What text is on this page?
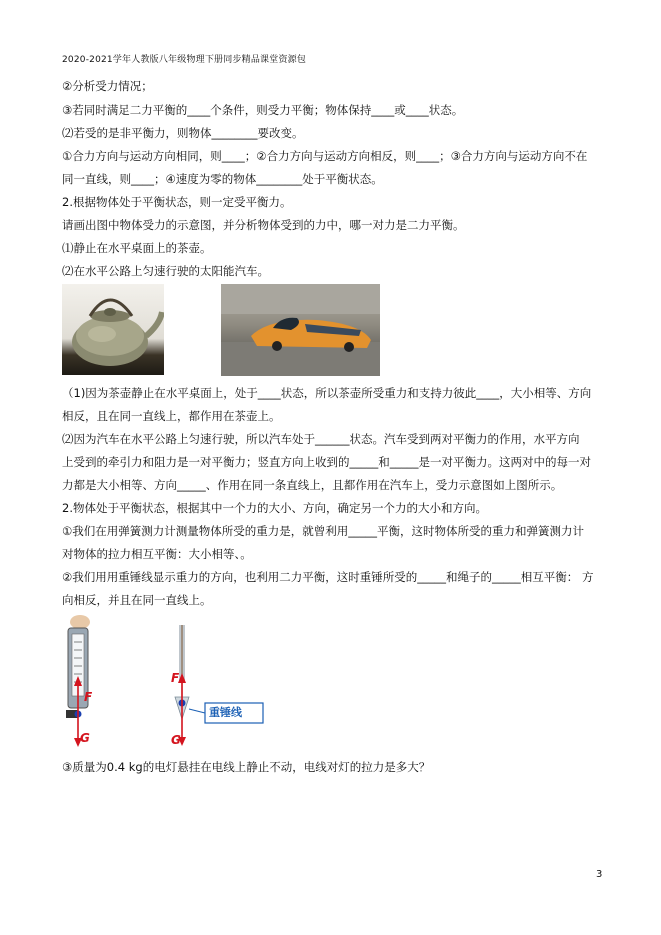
2020-2021学年人教版八年级物理下册同步精品课堂资源包
②分析受力情况；
③若同时满足二力平衡的____个条件，则受力平衡；物体保持____或____状态。
⑵若受的是非平衡力，则物体________要改变。
①合力方向与运动方向相同，则____；②合力方向与运动方向相反，则____；③合力方向与运动方向不在
同一直线，则____；④速度为零的物体________处于平衡状态。
2.根据物体处于平衡状态，则一定受平衡力。
请画出图中物体受力的示意图，并分析物体受到的力中，哪一对力是二力平衡。
⑴静止在水平桌面上的茶壶。
⑵在水平公路上匀速行驶的太阳能汽车。
（1)因为茶壶静止在水平桌面上，处于____状态，所以茶壶所受重力和支持力彼此____，大小相等、方向
相反，且在同一直线上，都作用在茶壶上。
⑵因为汽车在水平公路上匀速行驶，所以汽车处于______状态。汽车受到两对平衡力的作用，水平方向
上受到的牵引力和阻力是一对平衡力；竖直方向上收到的_____和_____是一对平衡力。这两对中的每一对
力都是大小相等、方向_____、作用在同一条直线上，且都作用在汽车上，受力示意图如上图所示。
2.物体处于平衡状态，根据其中一个力的大小、方向，确定另一个力的大小和方向。
①我们在用弹簧测力计测量物体所受的重力是，就曾利用_____平衡，这时物体所受的重力和弹簧测力计
对物体的拉力相互平衡：大小相等、。
②我们用用重锤线显示重力的方向，也利用二力平衡，这时重锤所受的_____和绳子的_____相互平衡： 方
向相反，并且在同一直线上。
F
G
F
G
重锤线
③质量为0.4 kg的电灯悬挂在电线上静止不动，电线对灯的拉力是多大？
3
